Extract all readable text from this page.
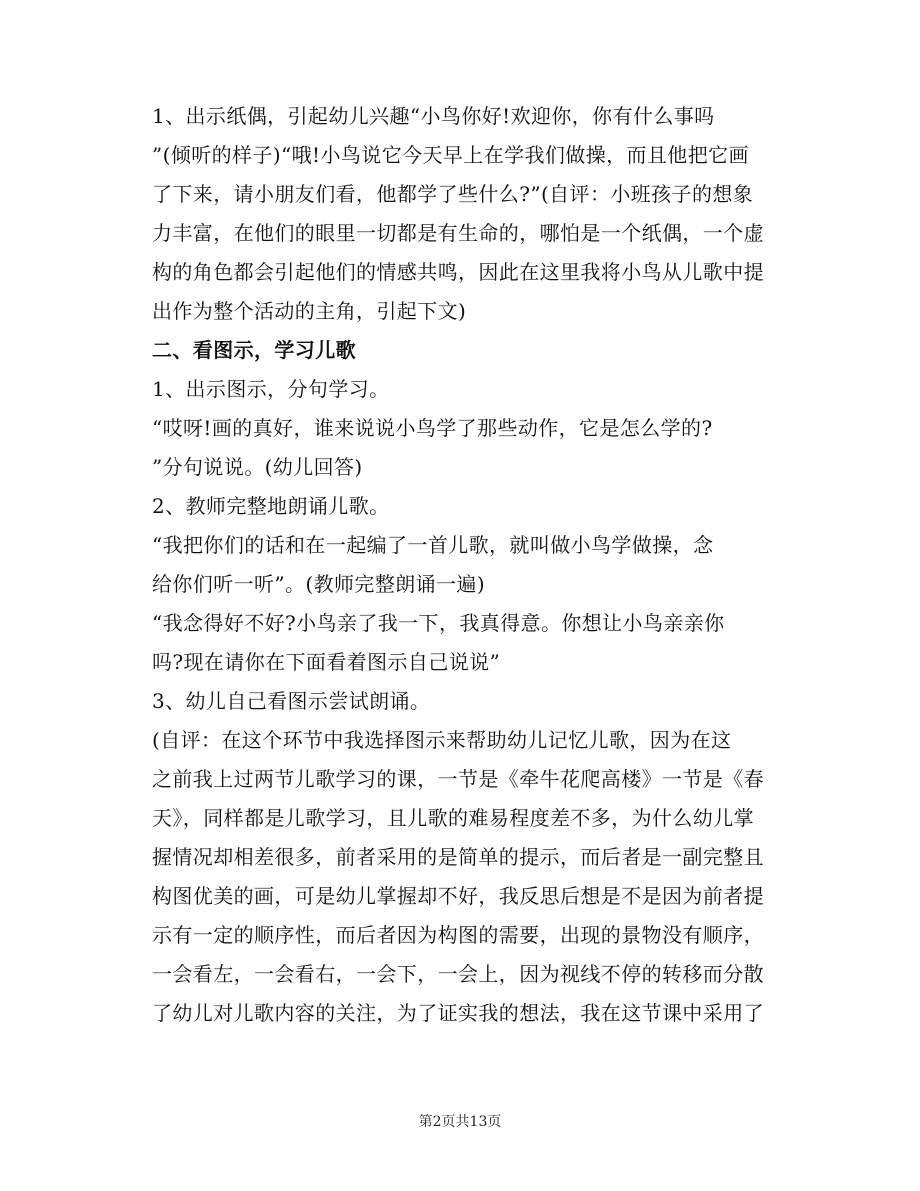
1、出示纸偶，引起幼儿兴趣“小鸟你好!欢迎你，你有什么事吗

”(倾听的样子)“哦!小鸟说它今天早上在学我们做操，而且他把它画

了下来，请小朋友们看，他都学了些什么?”(自评：小班孩子的想象

力丰富，在他们的眼里一切都是有生命的，哪怕是一个纸偶，一个虚

构的角色都会引起他们的情感共鸣，因此在这里我将小鸟从儿歌中提

出作为整个活动的主角，引起下文)

二、看图示，学习儿歌

1、出示图示，分句学习。

“哎呀!画的真好，谁来说说小鸟学了那些动作，它是怎么学的?

”分句说说。(幼儿回答)

2、教师完整地朗诵儿歌。

“我把你们的话和在一起编了一首儿歌，就叫做小鸟学做操，念

给你们听一听”。(教师完整朗诵一遍)

“我念得好不好?小鸟亲了我一下，我真得意。你想让小鸟亲亲你

吗?现在请你在下面看着图示自己说说”

3、幼儿自己看图示尝试朗诵。

(自评：在这个环节中我选择图示来帮助幼儿记忆儿歌，因为在这

之前我上过两节儿歌学习的课，一节是《牵牛花爬高楼》一节是《春

天》，同样都是儿歌学习，且儿歌的难易程度差不多，为什么幼儿掌

握情况却相差很多，前者采用的是简单的提示，而后者是一副完整且

构图优美的画，可是幼儿掌握却不好，我反思后想是不是因为前者提

示有一定的顺序性，而后者因为构图的需要，出现的景物没有顺序，

一会看左，一会看右，一会下，一会上，因为视线不停的转移而分散

了幼儿对儿歌内容的关注，为了证实我的想法，我在这节课中采用了

第2页共13页
